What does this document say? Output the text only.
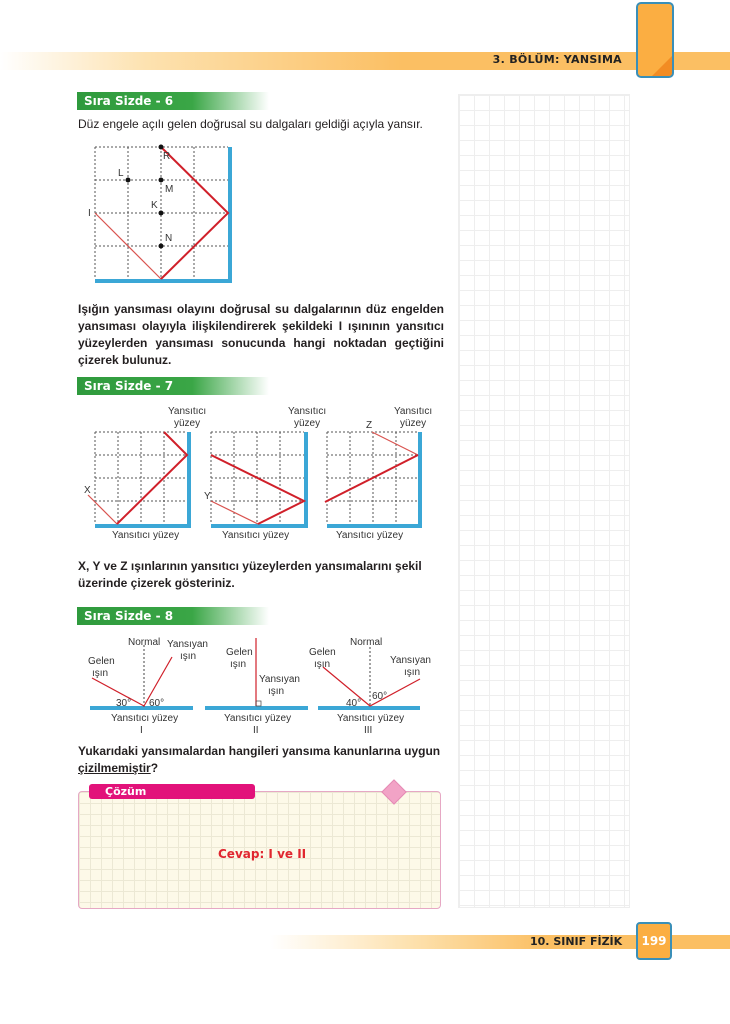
3. BÖLÜM: YANSIMA
Sıra Sizde - 6
Düz engele açılı gelen doğrusal su dalgaları geldiği açıyla yansır.
R
L
M
K
N
I
Işığın yansıması olayını doğrusal su dalgalarının düz engelden yansıması olayıyla ilişkilendirerek şekildeki I ışınının yansıtıcı yüzeylerden yansıması sonucunda hangi noktadan geçtiğini çizerek bulunuz.
Sıra Sizde - 7
Yansıtıcı
yüzey
Yansıtıcı
yüzey
Yansıtıcı
yüzey
Yansıtıcı yüzey	Yansıtıcı yüzey	Yansıtıcı yüzey
X
Y
Z
X, Y ve Z ışınlarının yansıtıcı yüzeylerden yansımalarını şekil üzerinde çizerek gösteriniz.
Sıra Sizde - 8
Normal Yansıyan
ışın
Gelen
ışın
30° 60°
Yansıtıcı yüzey
I
Gelen
ışın
Yansıyan
ışın
Yansıtıcı yüzey
II
Normal
Gelen
ışın	Yansıyan
ışın
40°
60°
Yansıtıcı yüzey
III
Yukarıdaki yansımalardan hangileri yansıma kanunlarına uygun çizilmemiştir?
Çözüm
Cevap: I ve II
10. SINIF FİZİK	199
